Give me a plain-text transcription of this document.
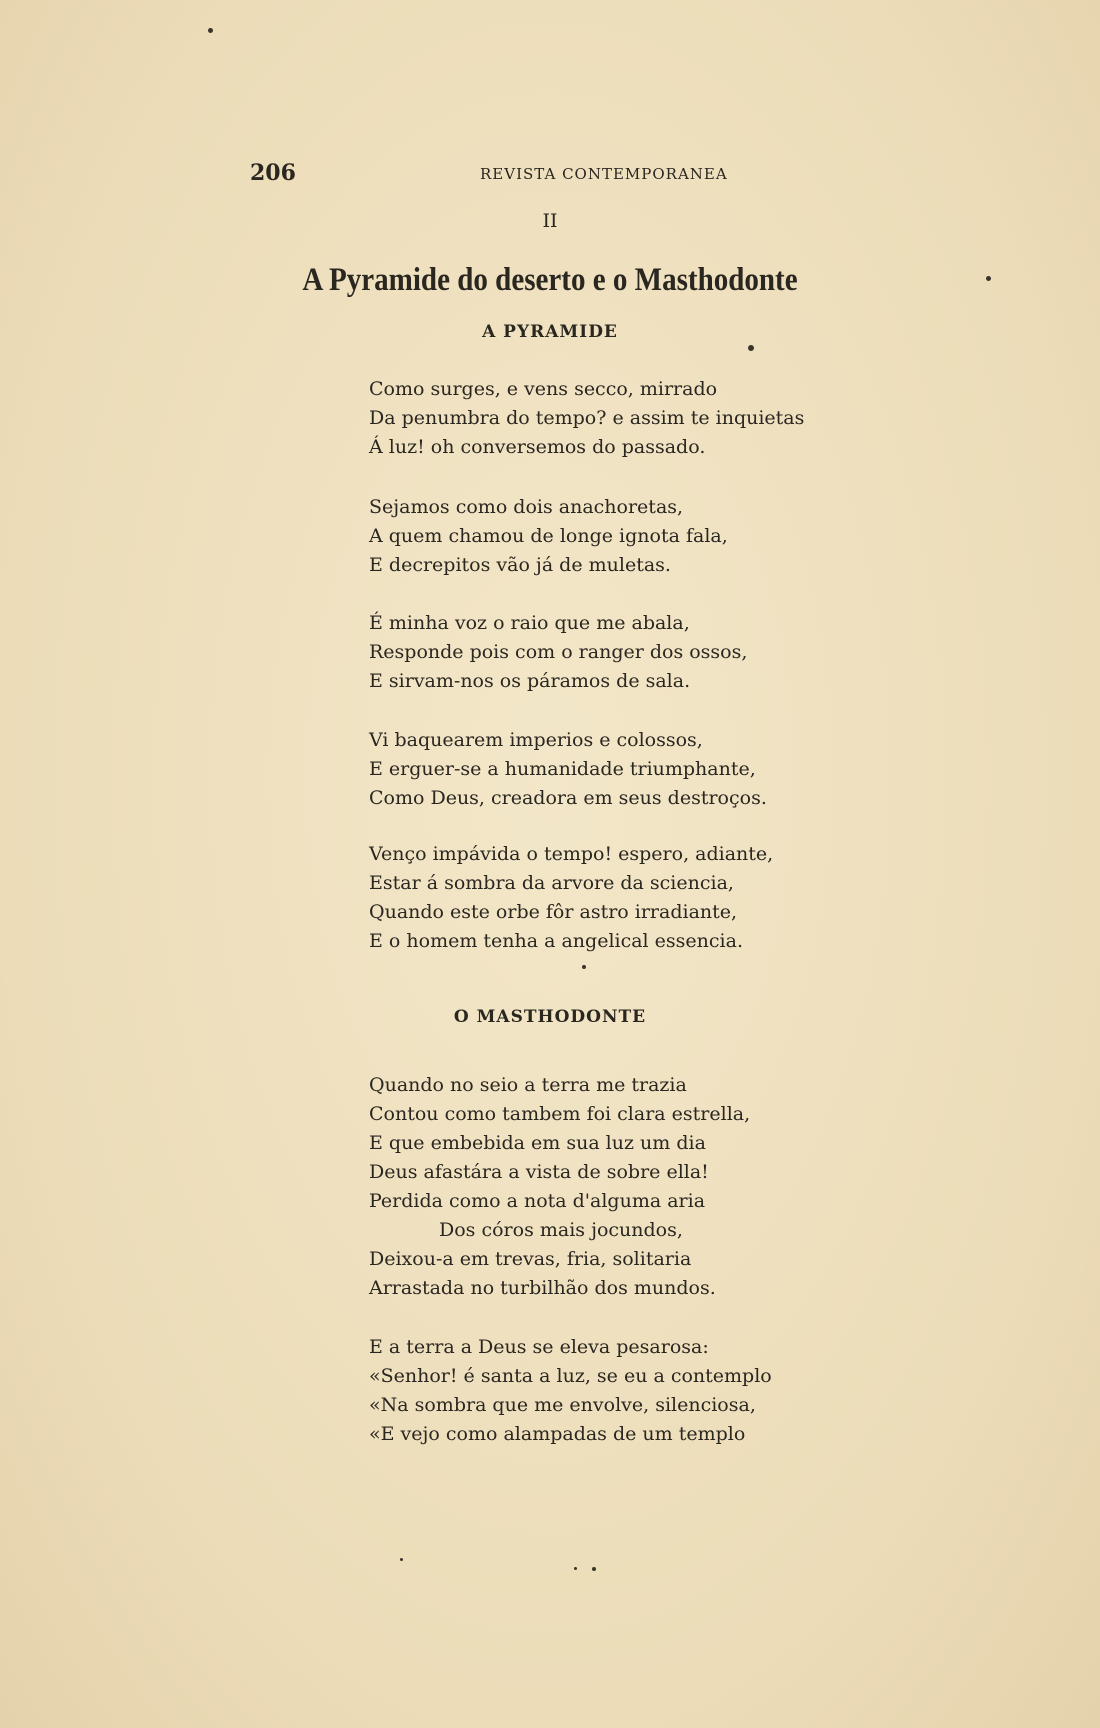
206	REVISTA CONTEMPORANEA
II
A Pyramide do deserto e o Masthodonte
A PYRAMIDE
Como surges, e vens secco, mirrado
Da penumbra do tempo? e assim te inquietas
Á luz! oh conversemos do passado.
Sejamos como dois anachoretas,
A quem chamou de longe ignota fala,
E decrepitos vão já de muletas.
É minha voz o raio que me abala,
Responde pois com o ranger dos ossos,
E sirvam-nos os páramos de sala.
Vi baquearem imperios e colossos,
E erguer-se a humanidade triumphante,
Como Deus, creadora em seus destroços.
Venço impávida o tempo! espero, adiante,
Estar á sombra da arvore da sciencia,
Quando este orbe fôr astro irradiante,
E o homem tenha a angelical essencia.
O MASTHODONTE
Quando no seio a terra me trazia
Contou como tambem foi clara estrella,
E que embebida em sua luz um dia
Deus afastára a vista de sobre ella!
Perdida como a nota d'alguma aria
Dos córos mais jocundos,
Deixou-a em trevas, fria, solitaria
Arrastada no turbilhão dos mundos.
E a terra a Deus se eleva pesarosa:
«Senhor! é santa a luz, se eu a contemplo
«Na sombra que me envolve, silenciosa,
«E vejo como alampadas de um templo
